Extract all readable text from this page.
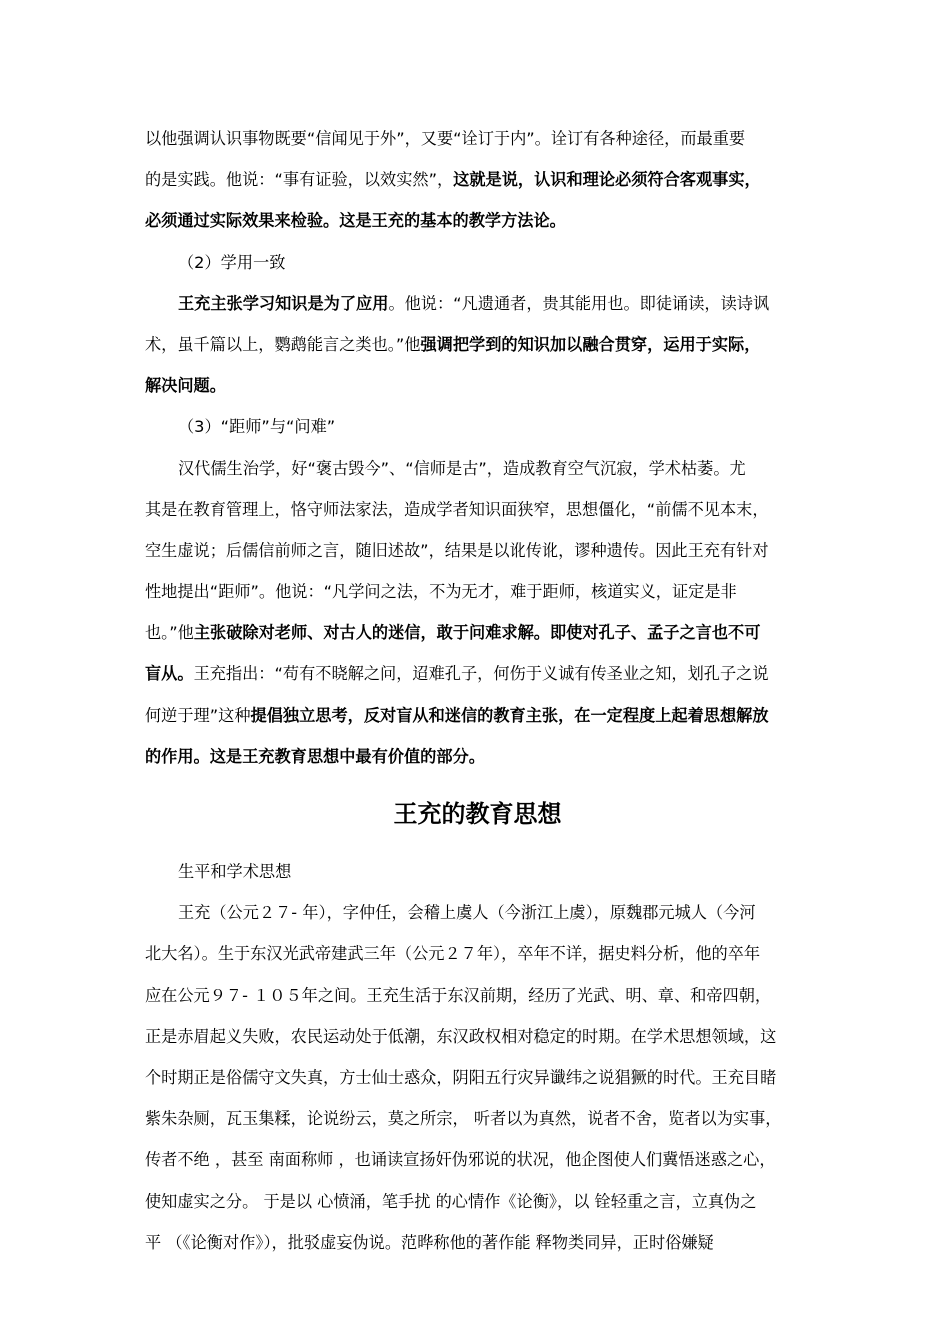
以他强调认识事物既要“信闻见于外”，又要“诠订于内”。诠订有各种途径，而最重要
的是实践。他说：“事有证验，以效实然”，这就是说，认识和理论必须符合客观事实，
必须通过实际效果来检验。这是王充的基本的教学方法论。
（2）学用一致
王充主张学习知识是为了应用。他说：“凡遗通者，贵其能用也。即徒诵读，读诗讽
术，虽千篇以上，鹦鹉能言之类也。”他强调把学到的知识加以融合贯穿，运用于实际，
解决问题。
（3）“距师”与“问难”
汉代儒生治学，好“褒古毁今”、“信师是古”，造成教育空气沉寂，学术枯萎。尤
其是在教育管理上，恪守师法家法，造成学者知识面狭窄，思想僵化，“前儒不见本末，
空生虚说；后儒信前师之言，随旧述故”，结果是以讹传讹，谬种遗传。因此王充有针对
性地提出“距师”。他说：“凡学问之法，不为无才，难于距师，核道实义，证定是非
也。”他主张破除对老师、对古人的迷信，敢于问难求解。即使对孔子、孟子之言也不可
盲从。王充指出：“苟有不晓解之问，迢难孔子，何伤于义诚有传圣业之知，划孔子之说
何逆于理”这种提倡独立思考，反对盲从和迷信的教育主张，在一定程度上起着思想解放
的作用。这是王充教育思想中最有价值的部分。
王充的教育思想
生平和学术思想
王充（公元２７- 年），字仲任，会稽上虞人（今浙江上虞），原魏郡元城人（今河
北大名）。生于东汉光武帝建武三年（公元２７年），卒年不详，据史料分析，他的卒年
应在公元９７- １０５年之间。王充生活于东汉前期，经历了光武、明、章、和帝四朝，
正是赤眉起义失败，农民运动处于低潮，东汉政权相对稳定的时期。在学术思想领域，这
个时期正是俗儒守文失真，方士仙士惑众，阴阳五行灾异谶纬之说猖獗的时代。王充目睹
紫朱杂厕，瓦玉集糅，论说纷云，莫之所宗， 听者以为真然，说者不舍，览者以为实事，
传者不绝 ，甚至 南面称师 ，也诵读宣扬奸伪邪说的状况，他企图使人们冀悟迷惑之心，
使知虚实之分。 于是以 心愤涌，笔手扰 的心情作《论衡》，以 铨轻重之言，立真伪之
平 （《论衡对作》），批驳虚妄伪说。范晔称他的著作能 释物类同异，正时俗嫌疑
